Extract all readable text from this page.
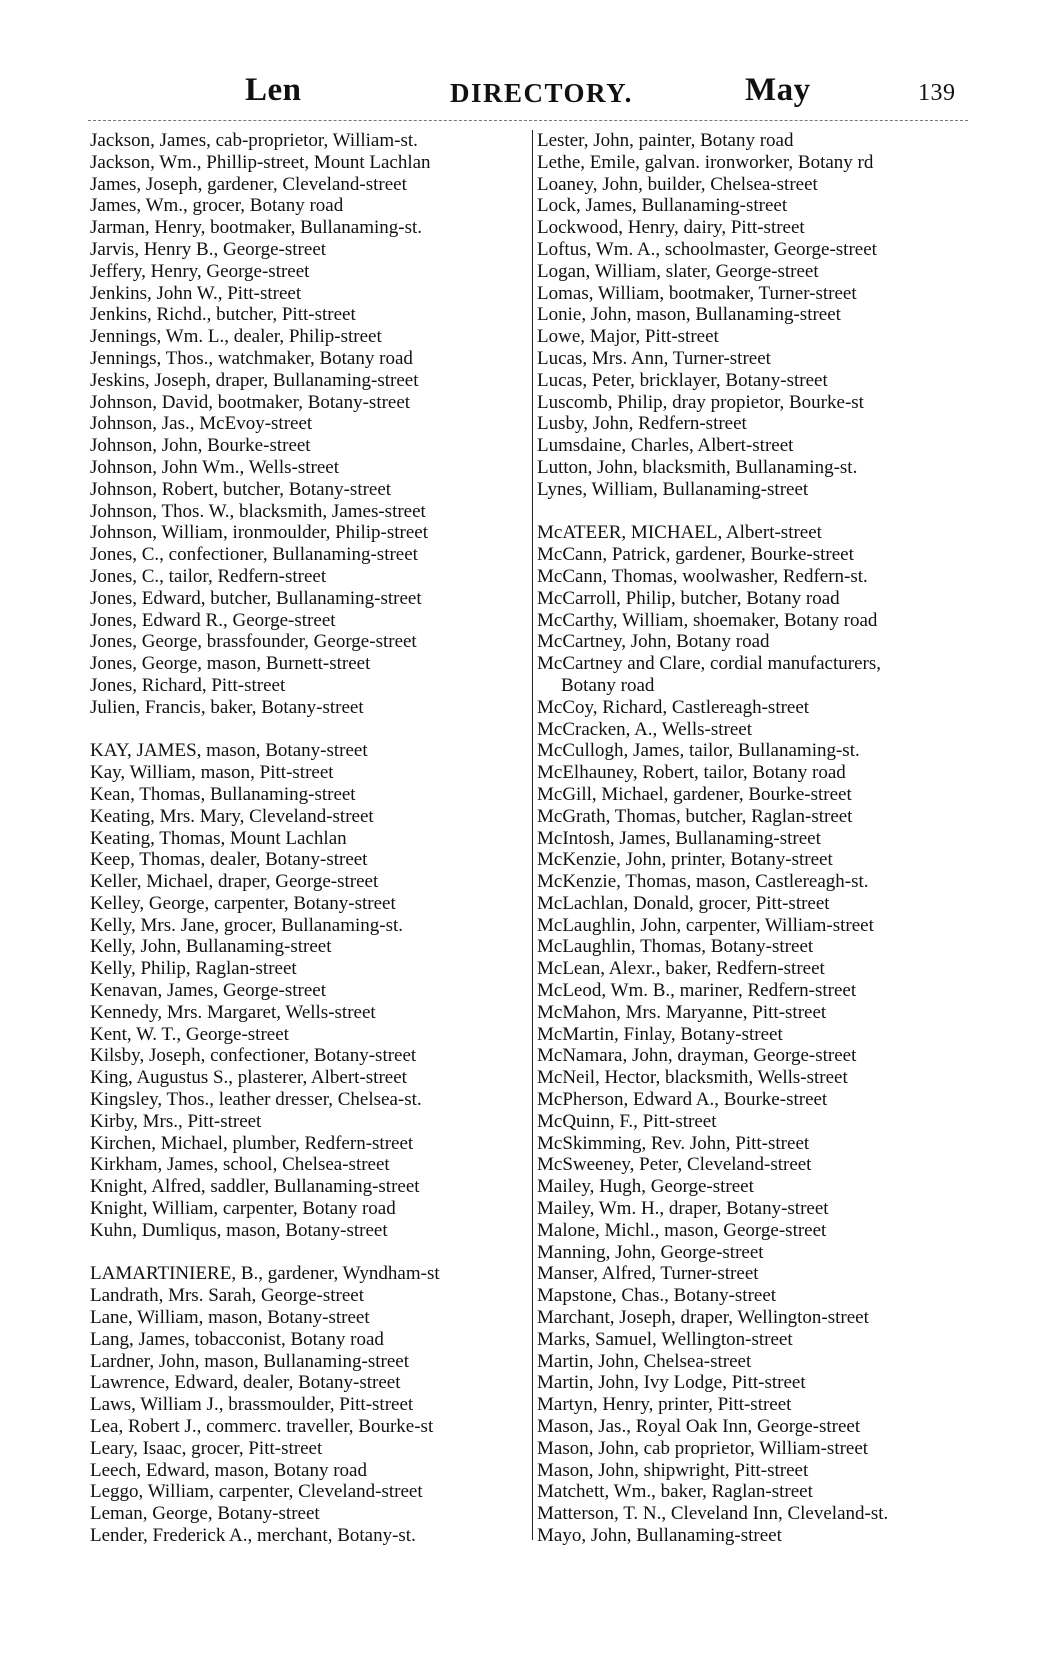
Len	DIRECTORY.	May	139
Jackson, James, cab-proprietor, William-st.
Jackson, Wm., Phillip-street, Mount Lachlan
James, Joseph, gardener, Cleveland-street
James, Wm., grocer, Botany road
Jarman, Henry, bootmaker, Bullanaming-st.
Jarvis, Henry B., George-street
Jeffery, Henry, George-street
Jenkins, John W., Pitt-street
Jenkins, Richd., butcher, Pitt-street
Jennings, Wm. L., dealer, Philip-street
Jennings, Thos., watchmaker, Botany road
Jeskins, Joseph, draper, Bullanaming-street
Johnson, David, bootmaker, Botany-street
Johnson, Jas., McEvoy-street
Johnson, John, Bourke-street
Johnson, John Wm., Wells-street
Johnson, Robert, butcher, Botany-street
Johnson, Thos. W., blacksmith, James-street
Johnson, William, ironmoulder, Philip-street
Jones, C., confectioner, Bullanaming-street
Jones, C., tailor, Redfern-street
Jones, Edward, butcher, Bullanaming-street
Jones, Edward R., George-street
Jones, George, brassfounder, George-street
Jones, George, mason, Burnett-street
Jones, Richard, Pitt-street
Julien, Francis, baker, Botany-street
KAY, JAMES, mason, Botany-street
Kay, William, mason, Pitt-street
Kean, Thomas, Bullanaming-street
Keating, Mrs. Mary, Cleveland-street
Keating, Thomas, Mount Lachlan
Keep, Thomas, dealer, Botany-street
Keller, Michael, draper, George-street
Kelley, George, carpenter, Botany-street
Kelly, Mrs. Jane, grocer, Bullanaming-st.
Kelly, John, Bullanaming-street
Kelly, Philip, Raglan-street
Kenavan, James, George-street
Kennedy, Mrs. Margaret, Wells-street
Kent, W. T., George-street
Kilsby, Joseph, confectioner, Botany-street
King, Augustus S., plasterer, Albert-street
Kingsley, Thos., leather dresser, Chelsea-st.
Kirby, Mrs., Pitt-street
Kirchen, Michael, plumber, Redfern-street
Kirkham, James, school, Chelsea-street
Knight, Alfred, saddler, Bullanaming-street
Knight, William, carpenter, Botany road
Kuhn, Dumliqus, mason, Botany-street
LAMARTINIERE, B., gardener, Wyndham-st
Landrath, Mrs. Sarah, George-street
Lane, William, mason, Botany-street
Lang, James, tobacconist, Botany road
Lardner, John, mason, Bullanaming-street
Lawrence, Edward, dealer, Botany-street
Laws, William J., brassmoulder, Pitt-street
Lea, Robert J., commerc. traveller, Bourke-st
Leary, Isaac, grocer, Pitt-street
Leech, Edward, mason, Botany road
Leggo, William, carpenter, Cleveland-street
Leman, George, Botany-street
Lender, Frederick A., merchant, Botany-st.
Lester, John, painter, Botany road
Lethe, Emile, galvan. ironworker, Botany rd
Loaney, John, builder, Chelsea-street
Lock, James, Bullanaming-street
Lockwood, Henry, dairy, Pitt-street
Loftus, Wm. A., schoolmaster, George-street
Logan, William, slater, George-street
Lomas, William, bootmaker, Turner-street
Lonie, John, mason, Bullanaming-street
Lowe, Major, Pitt-street
Lucas, Mrs. Ann, Turner-street
Lucas, Peter, bricklayer, Botany-street
Luscomb, Philip, dray propietor, Bourke-st
Lusby, John, Redfern-street
Lumsdaine, Charles, Albert-street
Lutton, John, blacksmith, Bullanaming-st.
Lynes, William, Bullanaming-street
McATEER, MICHAEL, Albert-street
McCann, Patrick, gardener, Bourke-street
McCann, Thomas, woolwasher, Redfern-st.
McCarroll, Philip, butcher, Botany road
McCarthy, William, shoemaker, Botany road
McCartney, John, Botany road
McCartney and Clare, cordial manufacturers,
Botany road
McCoy, Richard, Castlereagh-street
McCracken, A., Wells-street
McCullogh, James, tailor, Bullanaming-st.
McElhauney, Robert, tailor, Botany road
McGill, Michael, gardener, Bourke-street
McGrath, Thomas, butcher, Raglan-street
McIntosh, James, Bullanaming-street
McKenzie, John, printer, Botany-street
McKenzie, Thomas, mason, Castlereagh-st.
McLachlan, Donald, grocer, Pitt-street
McLaughlin, John, carpenter, William-street
McLaughlin, Thomas, Botany-street
McLean, Alexr., baker, Redfern-street
McLeod, Wm. B., mariner, Redfern-street
McMahon, Mrs. Maryanne, Pitt-street
McMartin, Finlay, Botany-street
McNamara, John, drayman, George-street
McNeil, Hector, blacksmith, Wells-street
McPherson, Edward A., Bourke-street
McQuinn, F., Pitt-street
McSkimming, Rev. John, Pitt-street
McSweeney, Peter, Cleveland-street
Mailey, Hugh, George-street
Mailey, Wm. H., draper, Botany-street
Malone, Michl., mason, George-street
Manning, John, George-street
Manser, Alfred, Turner-street
Mapstone, Chas., Botany-street
Marchant, Joseph, draper, Wellington-street
Marks, Samuel, Wellington-street
Martin, John, Chelsea-street
Martin, John, Ivy Lodge, Pitt-street
Martyn, Henry, printer, Pitt-street
Mason, Jas., Royal Oak Inn, George-street
Mason, John, cab proprietor, William-street
Mason, John, shipwright, Pitt-street
Matchett, Wm., baker, Raglan-street
Matterson, T. N., Cleveland Inn, Cleveland-st.
Mayo, John, Bullanaming-street
